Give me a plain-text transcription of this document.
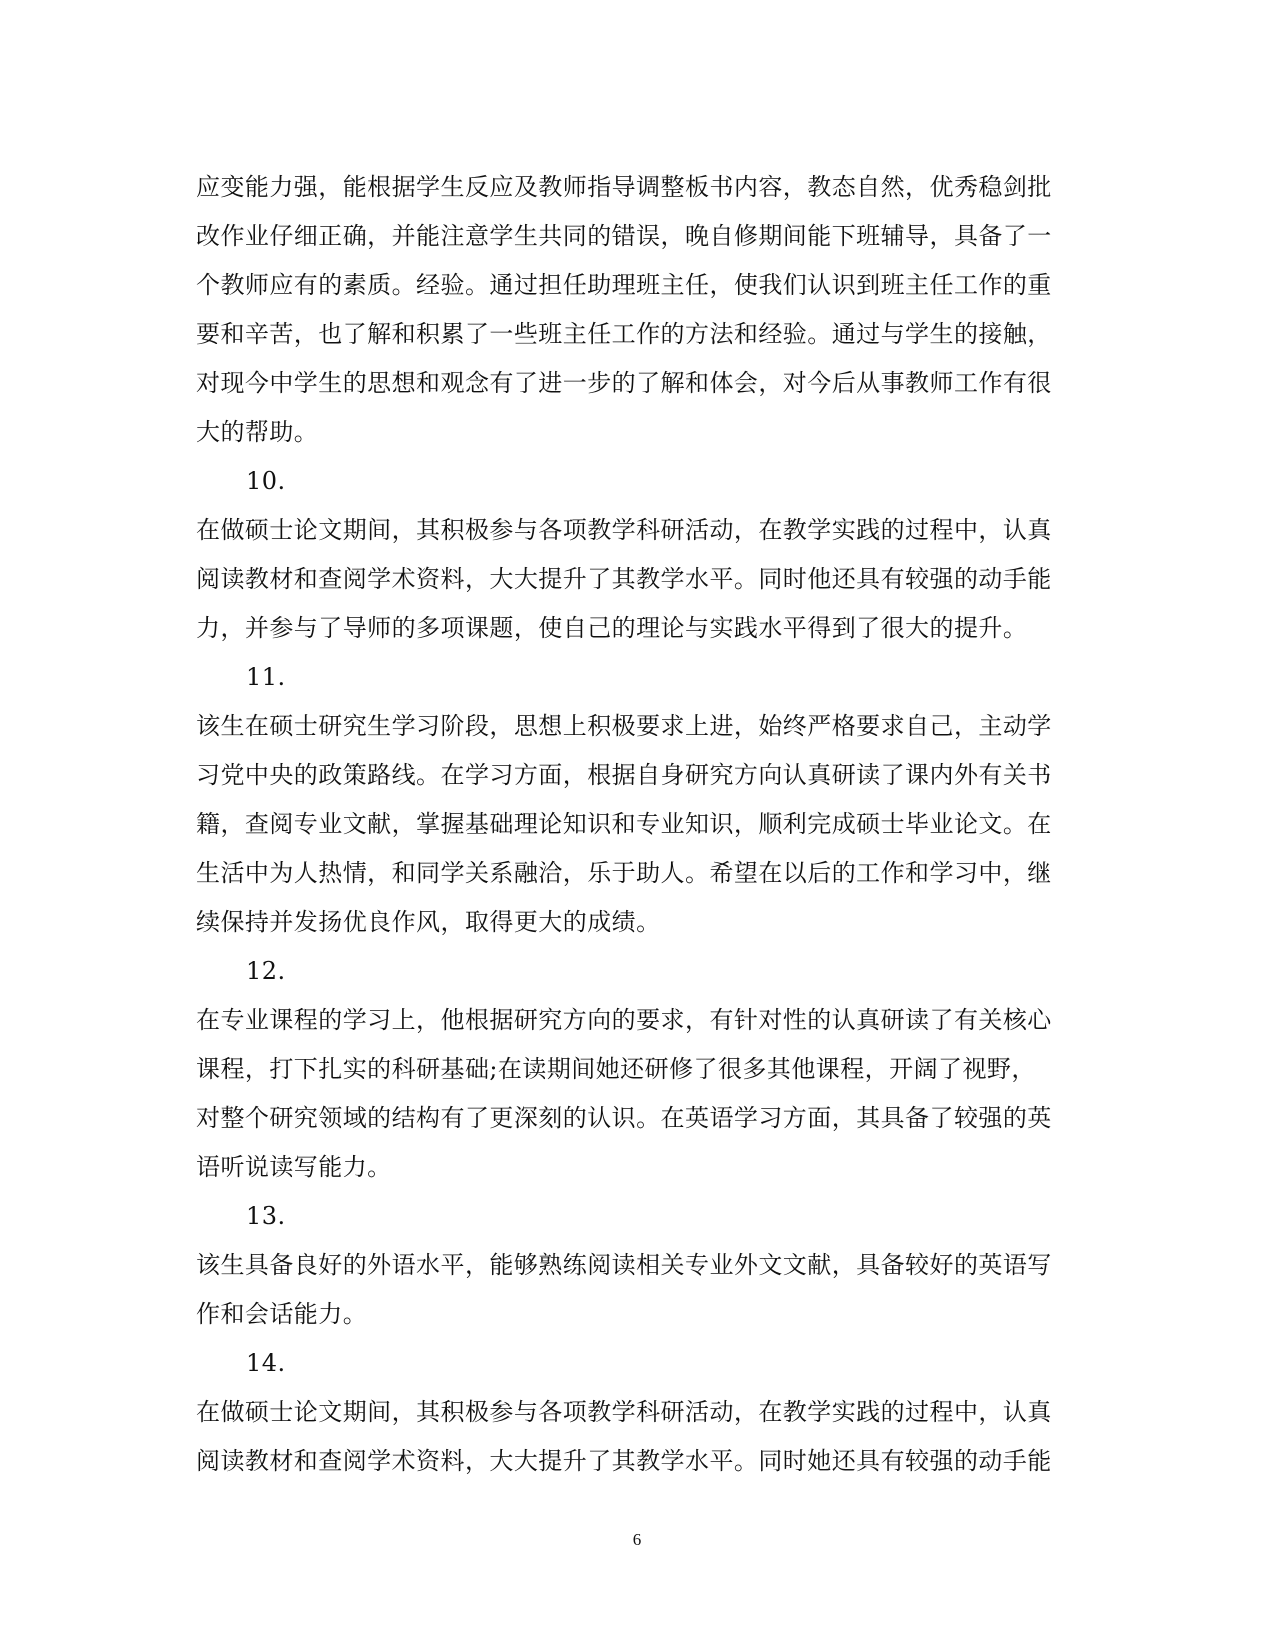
应变能力强，能根据学生反应及教师指导调整板书内容，教态自然，优秀稳剑批
改作业仔细正确，并能注意学生共同的错误，晚自修期间能下班辅导，具备了一
个教师应有的素质。经验。通过担任助理班主任，使我们认识到班主任工作的重
要和辛苦，也了解和积累了一些班主任工作的方法和经验。通过与学生的接触，
对现今中学生的思想和观念有了进一步的了解和体会，对今后从事教师工作有很
大的帮助。
10.
在做硕士论文期间，其积极参与各项教学科研活动，在教学实践的过程中，认真
阅读教材和查阅学术资料，大大提升了其教学水平。同时他还具有较强的动手能
力，并参与了导师的多项课题，使自己的理论与实践水平得到了很大的提升。
11.
该生在硕士研究生学习阶段，思想上积极要求上进，始终严格要求自己，主动学
习党中央的政策路线。在学习方面，根据自身研究方向认真研读了课内外有关书
籍，查阅专业文献，掌握基础理论知识和专业知识，顺利完成硕士毕业论文。在
生活中为人热情，和同学关系融洽，乐于助人。希望在以后的工作和学习中，继
续保持并发扬优良作风，取得更大的成绩。
12.
在专业课程的学习上，他根据研究方向的要求，有针对性的认真研读了有关核心
课程，打下扎实的科研基础;在读期间她还研修了很多其他课程，开阔了视野，
对整个研究领域的结构有了更深刻的认识。在英语学习方面，其具备了较强的英
语听说读写能力。
13.
该生具备良好的外语水平，能够熟练阅读相关专业外文文献，具备较好的英语写
作和会话能力。
14.
在做硕士论文期间，其积极参与各项教学科研活动，在教学实践的过程中，认真
阅读教材和查阅学术资料，大大提升了其教学水平。同时她还具有较强的动手能
6
